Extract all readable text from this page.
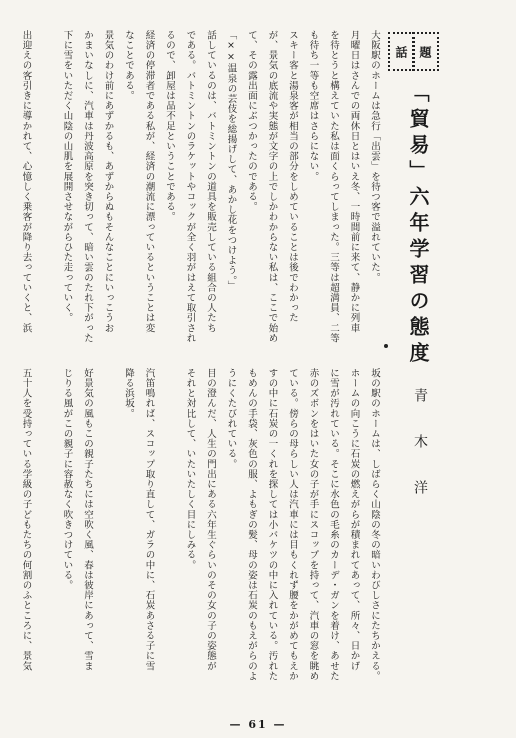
題
話
「貿易」六年学習の態度
青木洋
大阪駅のホームは急行「出雲」を待つ客で溢れていた。
月曜日はさんでの両休日とはいえ冬、一時間前に来て、静かに列車
を待とうと構えていた私は面くらってしまった。三等は超満員、二等
も待ち一等も空席はさらにない。
スキー客と湯泉客が相当の部分をしめていることは後でわかった
が、景気の底流や実態が文字の上でしかわからない私は、ここで始め
て、その露出面にぶつかったのである。
「××温泉の芸伎を総揚げして、あかし花をつけよう。」
話しているのは、バトミントンの道具を販売している組合の人たち
である。バトミントンのラケットやコックが全く羽がはえて取引され
るので、卸屋は品不足ということである。
経済の停滞者である私が、経済の潮流に漂っているということは変
なことである。
景気のわけ前にあずかるも、あずからぬもそんなことにいっこうお
かまいなしに、汽車は丹波高原を突き切って、暗い雲のたれ下がった
下に雪をいただく山陰の山肌を展開させながらひた走っていく。
出迎えの客引きに導かれて、心憶しく乗客が降り去っていくと、浜
坂の駅のホームは、しばらく山陰の冬の暗いわびしさにたちかえる。
ホームの向こうに石炭の燃えがらが積まれてあって、所々、日かげ
に雪が汚れている。そこに水色の毛糸のカーデ・ガンを着け、あせた
赤のズボンをはいた女の子が手にスコップを持って、汽車の窓を眺め
ている。傍らの母らしい人は汽車には目もくれず腰をかがめてもえか
すの中に石炭の一くれを探しては小バケツの中に入れている。汚れた
もめんの手袋、灰色の服、よもぎの髪、母の姿は石炭のもえがらのよ
うにくたびれている。
目の澄んだ、人生の門出にある六年生ぐらいのその女の子の姿態が
それと対比して、いたいたしく目にしみる。
汽笛鳴れば、スコップ取り直して、ガラの中に、石炭あさる子に雪
降る浜坂。
好景気の風もこの親子たちには空吹く風、春は彼岸にあって、雪ま
じりる風がこの親子に容赦なく吹きつけている。
五十人を受持っている学級の子どもたちの何割のふところに、景気
— 61 —
